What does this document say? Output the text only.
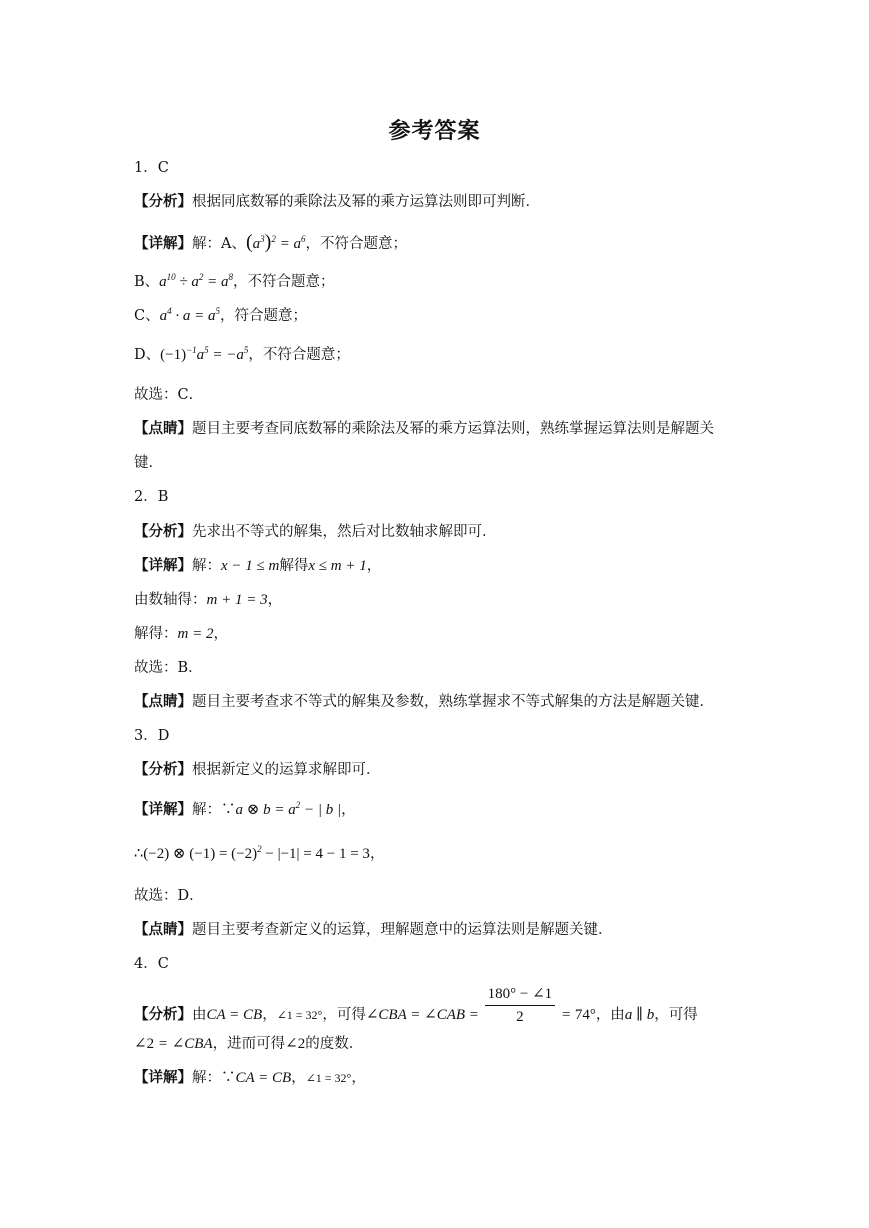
参考答案
1．C
【分析】根据同底数幂的乘除法及幂的乘方运算法则即可判断．
【详解】解：A、$(a^3)^2 = a^6$，不符合题意；
B、$a^{10} \div a^2 = a^8$，不符合题意；
C、$a^4 \cdot a = a^5$，符合题意；
D、$(-1)^{-1}a^5 = -a^5$，不符合题意；
故选：C．
【点睛】题目主要考查同底数幂的乘除法及幂的乘方运算法则，熟练掌握运算法则是解题关
键．
2．B
【分析】先求出不等式的解集，然后对比数轴求解即可．
【详解】解：x − 1 ≤ m解得x ≤ m + 1，
由数轴得：m + 1 = 3，
解得：m = 2，
故选：B．
【点睛】题目主要考查求不等式的解集及参数，熟练掌握求不等式解集的方法是解题关键．
3．D
【分析】根据新定义的运算求解即可．
【详解】解：∵a ⊗ $b = a^2$ − | b |，
∴(−2) ⊗ $(-1) = (-2)^2 - |-1| = 4 - 1 = 3$，
故选：D．
【点睛】题目主要考查新定义的运算，理解题意中的运算法则是解题关键．
4．C
【分析】由CA = CB，∠1 = 32°，可得∠CBA = ∠CAB = $\frac{180^\circ - \angle 1}{2} = 74^\circ$，由a ∥ b，可得
∠2 = ∠CBA，进而可得∠2的度数．
【详解】解：∵CA = CB，∠1 = 32°，
